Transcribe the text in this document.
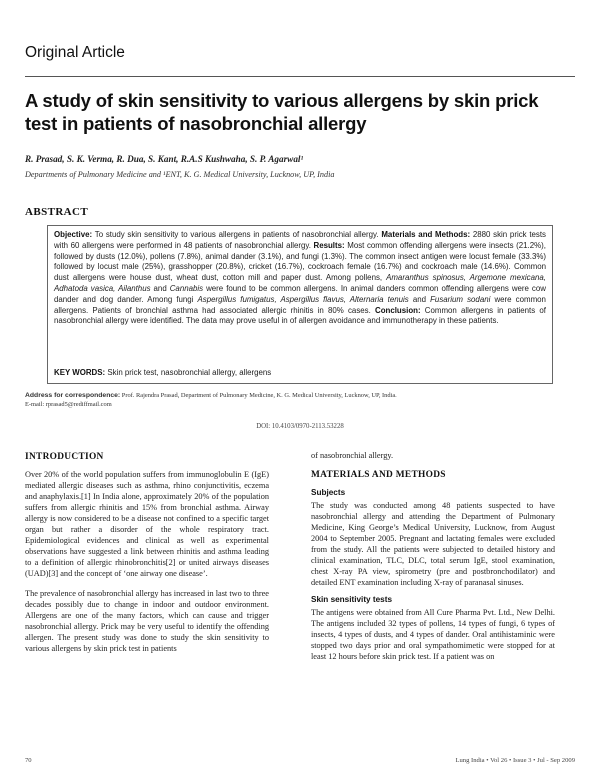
Original Article
A study of skin sensitivity to various allergens by skin prick test in patients of nasobronchial allergy
R. Prasad, S. K. Verma, R. Dua, S. Kant, R.A.S Kushwaha, S. P. Agarwal¹
Departments of Pulmonary Medicine and ¹ENT, K. G. Medical University, Lucknow, UP, India
ABSTRACT
Objective: To study skin sensitivity to various allergens in patients of nasobronchial allergy. Materials and Methods: 2880 skin prick tests with 60 allergens were performed in 48 patients of nasobronchial allergy. Results: Most common offending allergens were insects (21.2%), followed by dusts (12.0%), pollens (7.8%), animal dander (3.1%), and fungi (1.3%). The common insect antigen were locust female (33.3%) followed by locust male (25%), grasshopper (20.8%), cricket (16.7%), cockroach female (16.7%) and cockroach male (14.6%). Common dust allergens were house dust, wheat dust, cotton mill and paper dust. Among pollens, Amaranthus spinosus, Argemone mexicana, Adhatoda vasica, Ailanthus and Cannabis were found to be common allergens. In animal danders common offending allergens were cow dander and dog dander. Among fungi Aspergillus fumigatus, Aspergillus flavus, Alternaria tenuis and Fusarium sodani were common allergens. Patients of bronchial asthma had associated allergic rhinitis in 80% cases. Conclusion: Common allergens in patients of nasobronchial allergy were identified. The data may prove useful in of allergen avoidance and immunotherapy in these patients.
KEY WORDS: Skin prick test, nasobronchial allergy, allergens
Address for correspondence: Prof. Rajendra Prasad, Department of Pulmonary Medicine, K. G. Medical University, Lucknow, UP, India.
E-mail: rprasad5@rediffmail.com
DOI: 10.4103/0970-2113.53228
INTRODUCTION

Over 20% of the world population suffers from immunoglobulin E (IgE) mediated allergic diseases such as asthma, rhino conjunctivitis, eczema and anaphylaxis.[1] In India alone, approximately 20% of the population suffers from allergic rhinitis and 15% from bronchial asthma. Airway allergy is now considered to be a disease not confined to a specific target organ but rather a disorder of the whole respiratory tract. Epidemiological evidences and clinical as well as experimental observations have suggested a link between rhinitis and asthma leading to a definition of allergic rhinobronchitis[2] or united airways diseases (UAD)[3] and the concept of ‘one airway one disease’.

The prevalence of nasobronchial allergy has increased in last two to three decades possibly due to change in indoor and outdoor environment. Allergens are one of the many factors, which can cause and trigger nasobronchial allergy. Prick may be very useful to identify the offending allergen. The present study was done to study the skin sensitivity to various allergens by skin prick test in patients

of nasobronchial allergy.

MATERIALS AND METHODS
Subjects

The study was conducted among 48 patients suspected to have nasobronchial allergy and attending the Department of Pulmonary Medicine, King George’s Medical University, Lucknow, from August 2004 to September 2005. Pregnant and lactating females were excluded from the study. All the patients were subjected to detailed history and clinical examination, TLC, DLC, total serum IgE, stool examination, chest X-ray PA view, spirometry (pre and postbronchodilator) and detailed ENT examination including X-ray of paranasal sinuses.

Skin sensitivity tests

The antigens were obtained from All Cure Pharma Pvt. Ltd., New Delhi. The antigens included 32 types of pollens, 14 types of fungi, 6 types of insects, 4 types of dusts, and 4 types of dander. Oral antihistaminic were stopped two days prior and oral sympathomimetic were stopped for at least 12 hours before skin prick test. If a patient was on

70	Lung India • Vol 26 • Issue 3 • Jul - Sep 2009
